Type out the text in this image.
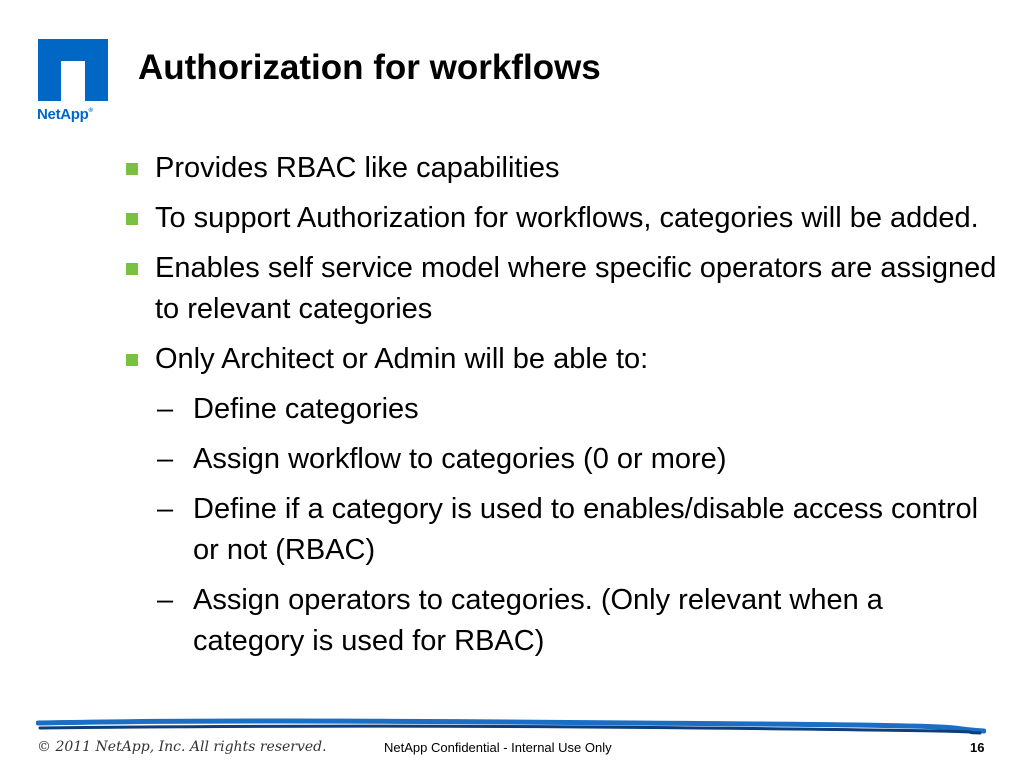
NetApp®
Authorization for workflows
Provides RBAC like capabilities
To support Authorization for workflows, categories will be added.
Enables self service model where specific operators are assigned to relevant categories
Only Architect or Admin will be able to:
– Define categories
– Assign workflow to categories (0 or more)
– Define if a category is used to enables/disable access control or not (RBAC)
– Assign operators to categories. (Only relevant when a category is used for RBAC)
© 2011 NetApp, Inc. All rights reserved.	NetApp Confidential - Internal Use Only	16
